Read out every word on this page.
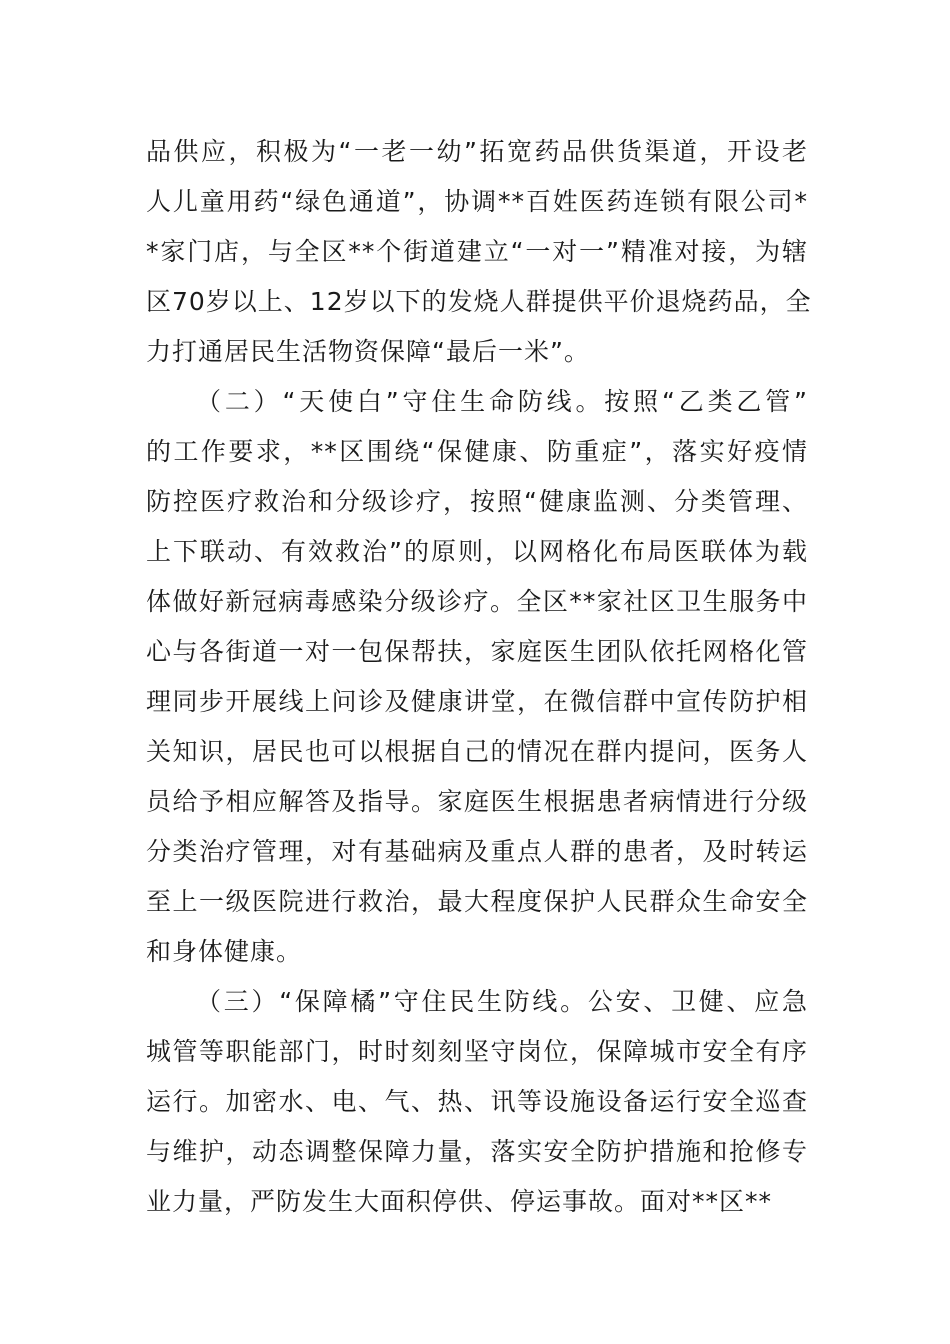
品供应，积极为“一老一幼”拓宽药品供货渠道，开设老
人儿童用药“绿色通道”，协调**百姓医药连锁有限公司*
*家门店，与全区**个街道建立“一对一”精准对接，为辖
区70岁以上、12岁以下的发烧人群提供平价退烧药品，全
力打通居民生活物资保障“最后一米”。
（二）“天使白”守住生命防线。按照“乙类乙管”
的工作要求，**区围绕“保健康、防重症”，落实好疫情
防控医疗救治和分级诊疗，按照“健康监测、分类管理、
上下联动、有效救治”的原则，以网格化布局医联体为载
体做好新冠病毒感染分级诊疗。全区**家社区卫生服务中
心与各街道一对一包保帮扶，家庭医生团队依托网格化管
理同步开展线上问诊及健康讲堂，在微信群中宣传防护相
关知识，居民也可以根据自己的情况在群内提问，医务人
员给予相应解答及指导。家庭医生根据患者病情进行分级
分类治疗管理，对有基础病及重点人群的患者，及时转运
至上一级医院进行救治，最大程度保护人民群众生命安全
和身体健康。
（三）“保障橘”守住民生防线。公安、卫健、应急
城管等职能部门，时时刻刻坚守岗位，保障城市安全有序
运行。加密水、电、气、热、讯等设施设备运行安全巡查
与维护，动态调整保障力量，落实安全防护措施和抢修专
业力量，严防发生大面积停供、停运事故。面对**区**
